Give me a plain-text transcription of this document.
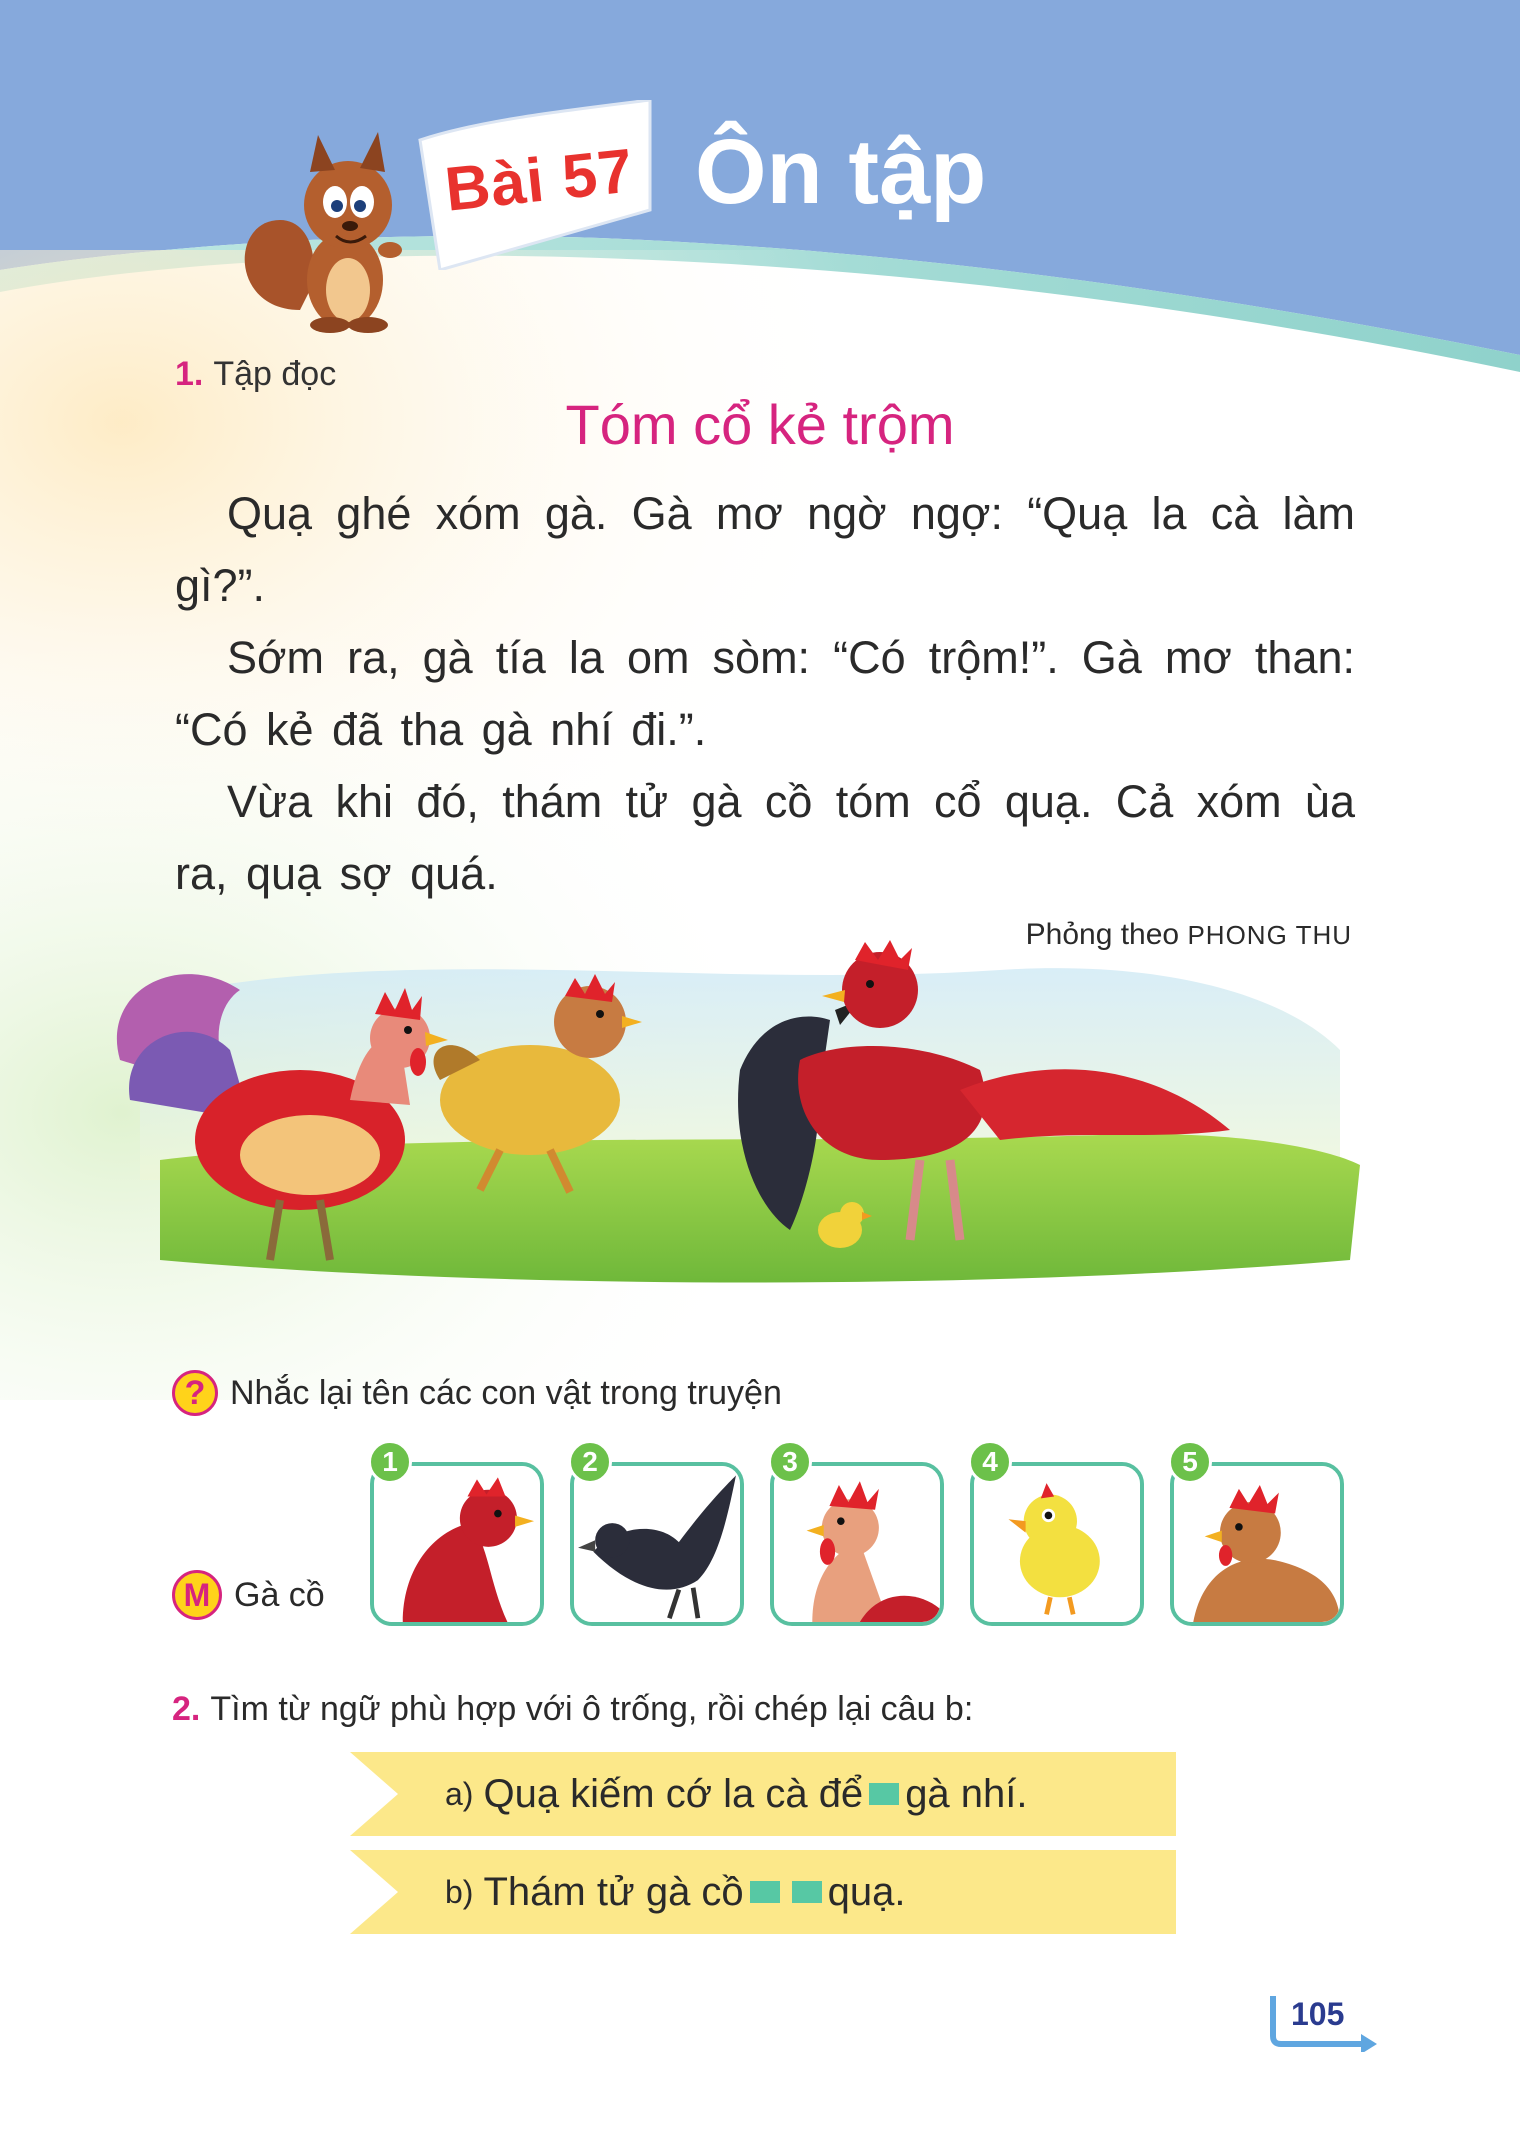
Bài 57 Ôn tập
1. Tập đọc
Tóm cổ kẻ trộm

Quạ ghé xóm gà. Gà mơ ngờ ngợ: “Quạ la cà làm gì?”.

Sớm ra, gà tía la om sòm: “Có trộm!”. Gà mơ than: “Có kẻ đã tha gà nhí đi.”.

Vừa khi đó, thám tử gà cồ tóm cổ quạ. Cả xóm ùa ra, quạ sợ quá.

Phỏng theo PHONG THU
? Nhắc lại tên các con vật trong truyện
M Gà cồ
1	2	3	4	5
2. Tìm từ ngữ phù hợp với ô trống, rồi chép lại câu b:
a) Quạ kiếm cớ la cà để gà nhí.
b) Thám tử gà cồ quạ.
105
